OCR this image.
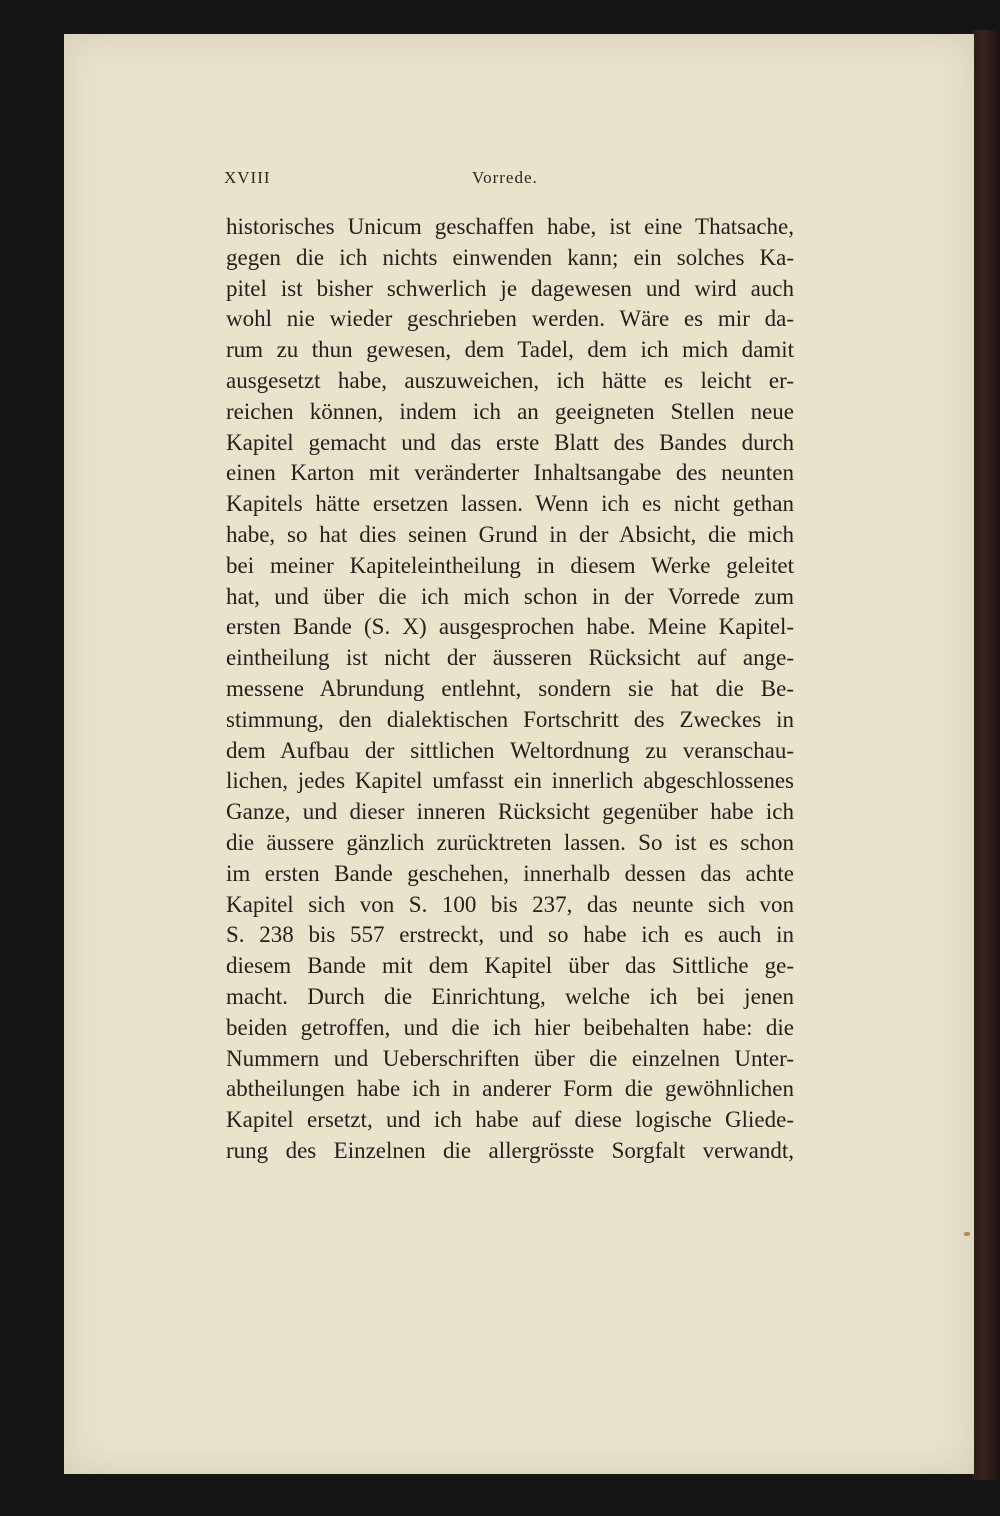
XVIII	Vorrede.
historisches Unicum geschaffen habe, ist eine Thatsache,
gegen die ich nichts einwenden kann; ein solches Ka-
pitel ist bisher schwerlich je dagewesen und wird auch
wohl nie wieder geschrieben werden. Wäre es mir da-
rum zu thun gewesen, dem Tadel, dem ich mich damit
ausgesetzt habe, auszuweichen, ich hätte es leicht er-
reichen können, indem ich an geeigneten Stellen neue
Kapitel gemacht und das erste Blatt des Bandes durch
einen Karton mit veränderter Inhaltsangabe des neunten
Kapitels hätte ersetzen lassen. Wenn ich es nicht gethan
habe, so hat dies seinen Grund in der Absicht, die mich
bei meiner Kapiteleintheilung in diesem Werke geleitet
hat, und über die ich mich schon in der Vorrede zum
ersten Bande (S. X) ausgesprochen habe. Meine Kapitel-
eintheilung ist nicht der äusseren Rücksicht auf ange-
messene Abrundung entlehnt, sondern sie hat die Be-
stimmung, den dialektischen Fortschritt des Zweckes in
dem Aufbau der sittlichen Weltordnung zu veranschau-
lichen, jedes Kapitel umfasst ein innerlich abgeschlossenes
Ganze, und dieser inneren Rücksicht gegenüber habe ich
die äussere gänzlich zurücktreten lassen. So ist es schon
im ersten Bande geschehen, innerhalb dessen das achte
Kapitel sich von S. 100 bis 237, das neunte sich von
S. 238 bis 557 erstreckt, und so habe ich es auch in
diesem Bande mit dem Kapitel über das Sittliche ge-
macht. Durch die Einrichtung, welche ich bei jenen
beiden getroffen, und die ich hier beibehalten habe: die
Nummern und Ueberschriften über die einzelnen Unter-
abtheilungen habe ich in anderer Form die gewöhnlichen
Kapitel ersetzt, und ich habe auf diese logische Gliede-
rung des Einzelnen die allergrösste Sorgfalt verwandt,
